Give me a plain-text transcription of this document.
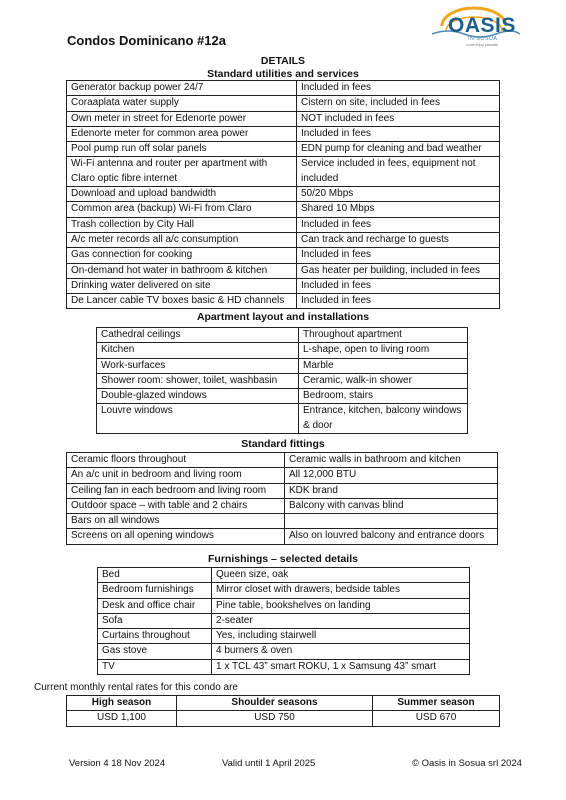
Condos Dominicano #12a
OASIS
IN SOSUA
come enjoy paradise
DETAILS
Standard utilities and services
Generator backup power 24/7	Included in fees
Coraaplata water supply	Cistern on site, included in fees
Own meter in street for Edenorte power	NOT included in fees
Edenorte meter for common area power	Included in fees
Pool pump run off solar panels	EDN pump for cleaning and bad weather
Wi-Fi antenna and router per apartment with Claro optic fibre internet	Service included in fees, equipment not included
Download and upload bandwidth	50/20 Mbps
Common area (backup) Wi-Fi from Claro	Shared 10 Mbps
Trash collection by City Hall	Included in fees
A/c meter records all a/c consumption	Can track and recharge to guests
Gas connection for cooking	Included in fees
On-demand hot water in bathroom & kitchen	Gas heater per building, included in fees
Drinking water delivered on site	Included in fees
De Lancer cable TV boxes basic & HD channels	Included in fees
Apartment layout and installations
Cathedral ceilings	Throughout apartment
Kitchen	L-shape, open to living room
Work-surfaces	Marble
Shower room: shower, toilet, washbasin	Ceramic, walk-in shower
Double-glazed windows	Bedroom, stairs
Louvre windows	Entrance, kitchen, balcony windows & door
Standard fittings
Ceramic floors throughout	Ceramic walls in bathroom and kitchen
An a/c unit in bedroom and living room	All 12,000 BTU
Ceiling fan in each bedroom and living room	KDK brand
Outdoor space – with table and 2 chairs	Balcony with canvas blind
Bars on all windows	
Screens on all opening windows	Also on louvred balcony and entrance doors
Furnishings – selected details
Bed	Queen size, oak
Bedroom furnishings	Mirror closet with drawers, bedside tables
Desk and office chair	Pine table, bookshelves on landing
Sofa	2-seater
Curtains throughout	Yes, including stairwell
Gas stove	4 burners & oven
TV	1 x TCL 43” smart ROKU, 1 x Samsung 43” smart
Current monthly rental rates for this condo are
High season	Shoulder seasons	Summer season
USD 1,100	USD 750	USD 670
Version 4 18 Nov 2024	Valid until 1 April 2025	© Oasis in Sosua srl 2024
